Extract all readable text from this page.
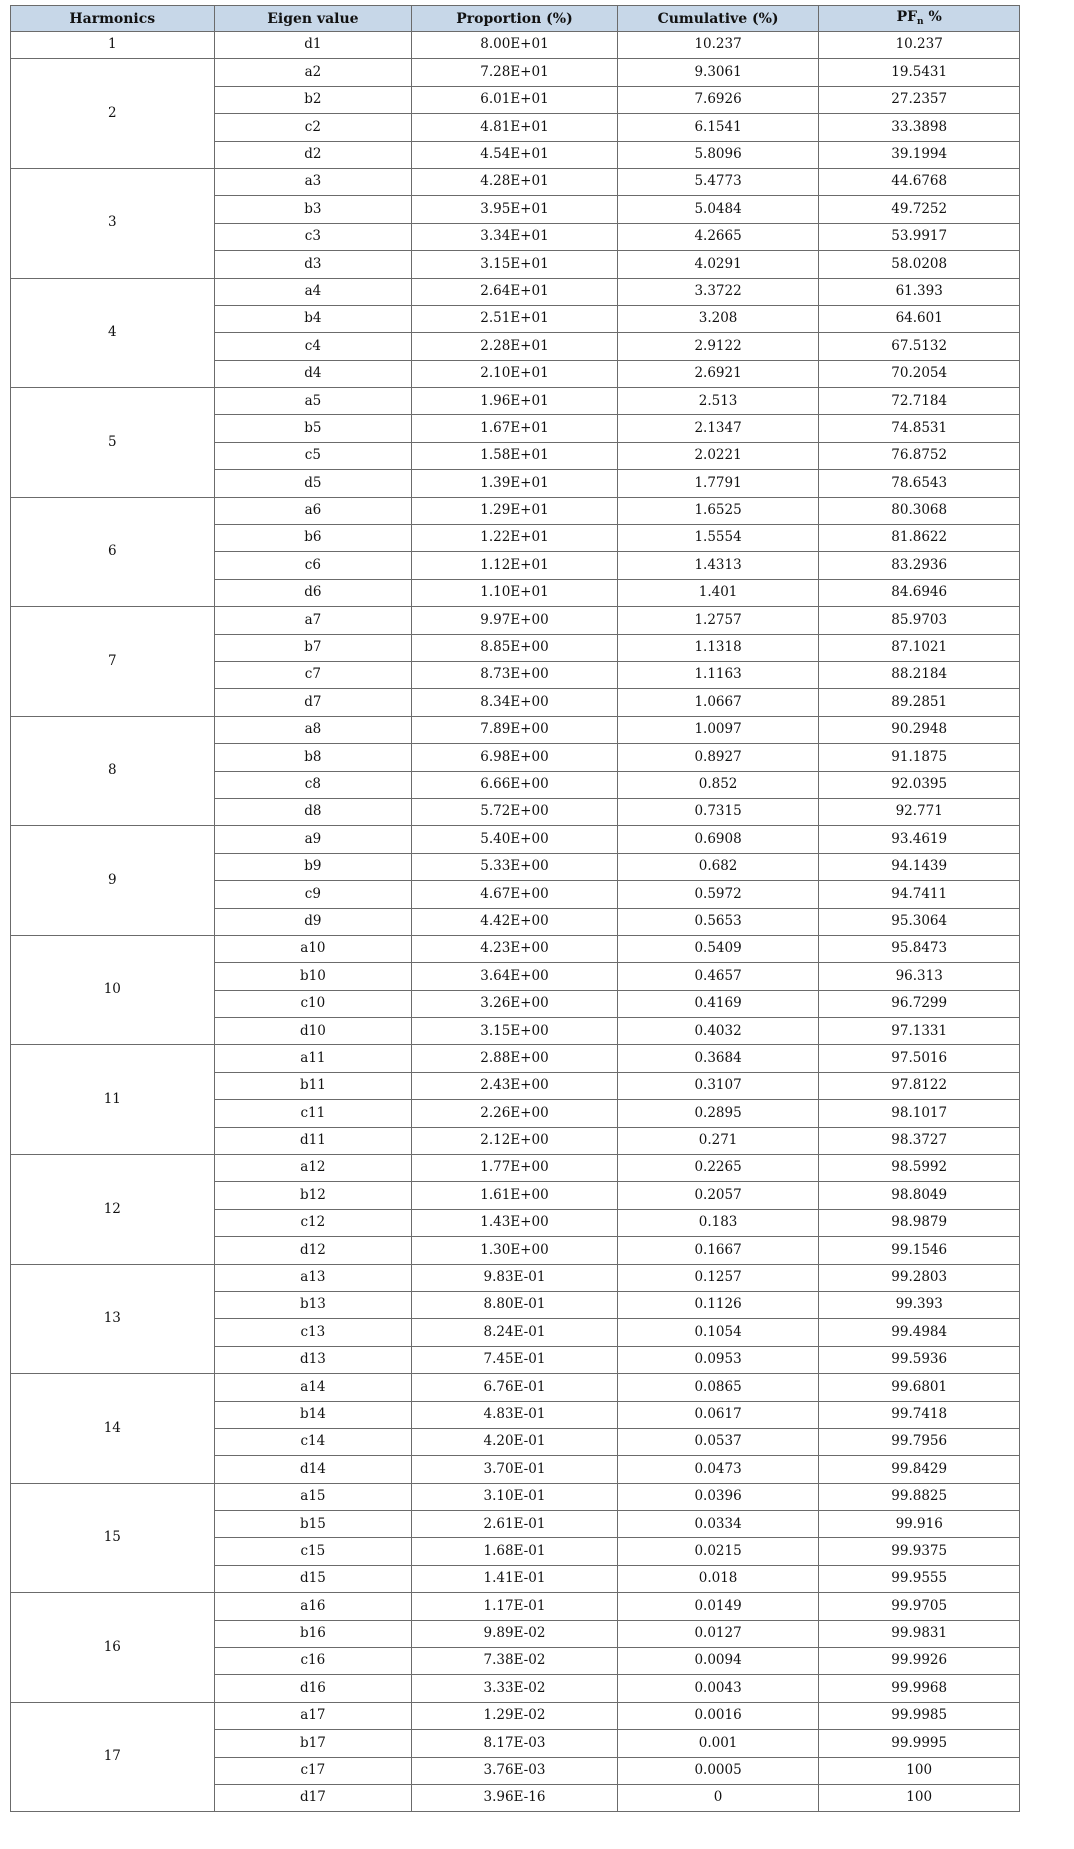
Harmonics	Eigen value	Proportion (%)	Cumulative (%)	$PF_n$ %
1	d1	8.00E+01	10.237	10.237
2	a2	7.28E+01	9.3061	19.5431
	b2	6.01E+01	7.6926	27.2357
	c2	4.81E+01	6.1541	33.3898
	d2	4.54E+01	5.8096	39.1994
3	a3	4.28E+01	5.4773	44.6768
	b3	3.95E+01	5.0484	49.7252
	c3	3.34E+01	4.2665	53.9917
	d3	3.15E+01	4.0291	58.0208
4	a4	2.64E+01	3.3722	61.393
	b4	2.51E+01	3.208	64.601
	c4	2.28E+01	2.9122	67.5132
	d4	2.10E+01	2.6921	70.2054
5	a5	1.96E+01	2.513	72.7184
	b5	1.67E+01	2.1347	74.8531
	c5	1.58E+01	2.0221	76.8752
	d5	1.39E+01	1.7791	78.6543
6	a6	1.29E+01	1.6525	80.3068
	b6	1.22E+01	1.5554	81.8622
	c6	1.12E+01	1.4313	83.2936
	d6	1.10E+01	1.401	84.6946
7	a7	9.97E+00	1.2757	85.9703
	b7	8.85E+00	1.1318	87.1021
	c7	8.73E+00	1.1163	88.2184
	d7	8.34E+00	1.0667	89.2851
8	a8	7.89E+00	1.0097	90.2948
	b8	6.98E+00	0.8927	91.1875
	c8	6.66E+00	0.852	92.0395
	d8	5.72E+00	0.7315	92.771
9	a9	5.40E+00	0.6908	93.4619
	b9	5.33E+00	0.682	94.1439
	c9	4.67E+00	0.5972	94.7411
	d9	4.42E+00	0.5653	95.3064
10	a10	4.23E+00	0.5409	95.8473
	b10	3.64E+00	0.4657	96.313
	c10	3.26E+00	0.4169	96.7299
	d10	3.15E+00	0.4032	97.1331
11	a11	2.88E+00	0.3684	97.5016
	b11	2.43E+00	0.3107	97.8122
	c11	2.26E+00	0.2895	98.1017
	d11	2.12E+00	0.271	98.3727
12	a12	1.77E+00	0.2265	98.5992
	b12	1.61E+00	0.2057	98.8049
	c12	1.43E+00	0.183	98.9879
	d12	1.30E+00	0.1667	99.1546
13	a13	9.83E-01	0.1257	99.2803
	b13	8.80E-01	0.1126	99.393
	c13	8.24E-01	0.1054	99.4984
	d13	7.45E-01	0.0953	99.5936
14	a14	6.76E-01	0.0865	99.6801
	b14	4.83E-01	0.0617	99.7418
	c14	4.20E-01	0.0537	99.7956
	d14	3.70E-01	0.0473	99.8429
15	a15	3.10E-01	0.0396	99.8825
	b15	2.61E-01	0.0334	99.916
	c15	1.68E-01	0.0215	99.9375
	d15	1.41E-01	0.018	99.9555
16	a16	1.17E-01	0.0149	99.9705
	b16	9.89E-02	0.0127	99.9831
	c16	7.38E-02	0.0094	99.9926
	d16	3.33E-02	0.0043	99.9968
17	a17	1.29E-02	0.0016	99.9985
	b17	8.17E-03	0.001	99.9995
	c17	3.76E-03	0.0005	100
	d17	3.96E-16	0	100
